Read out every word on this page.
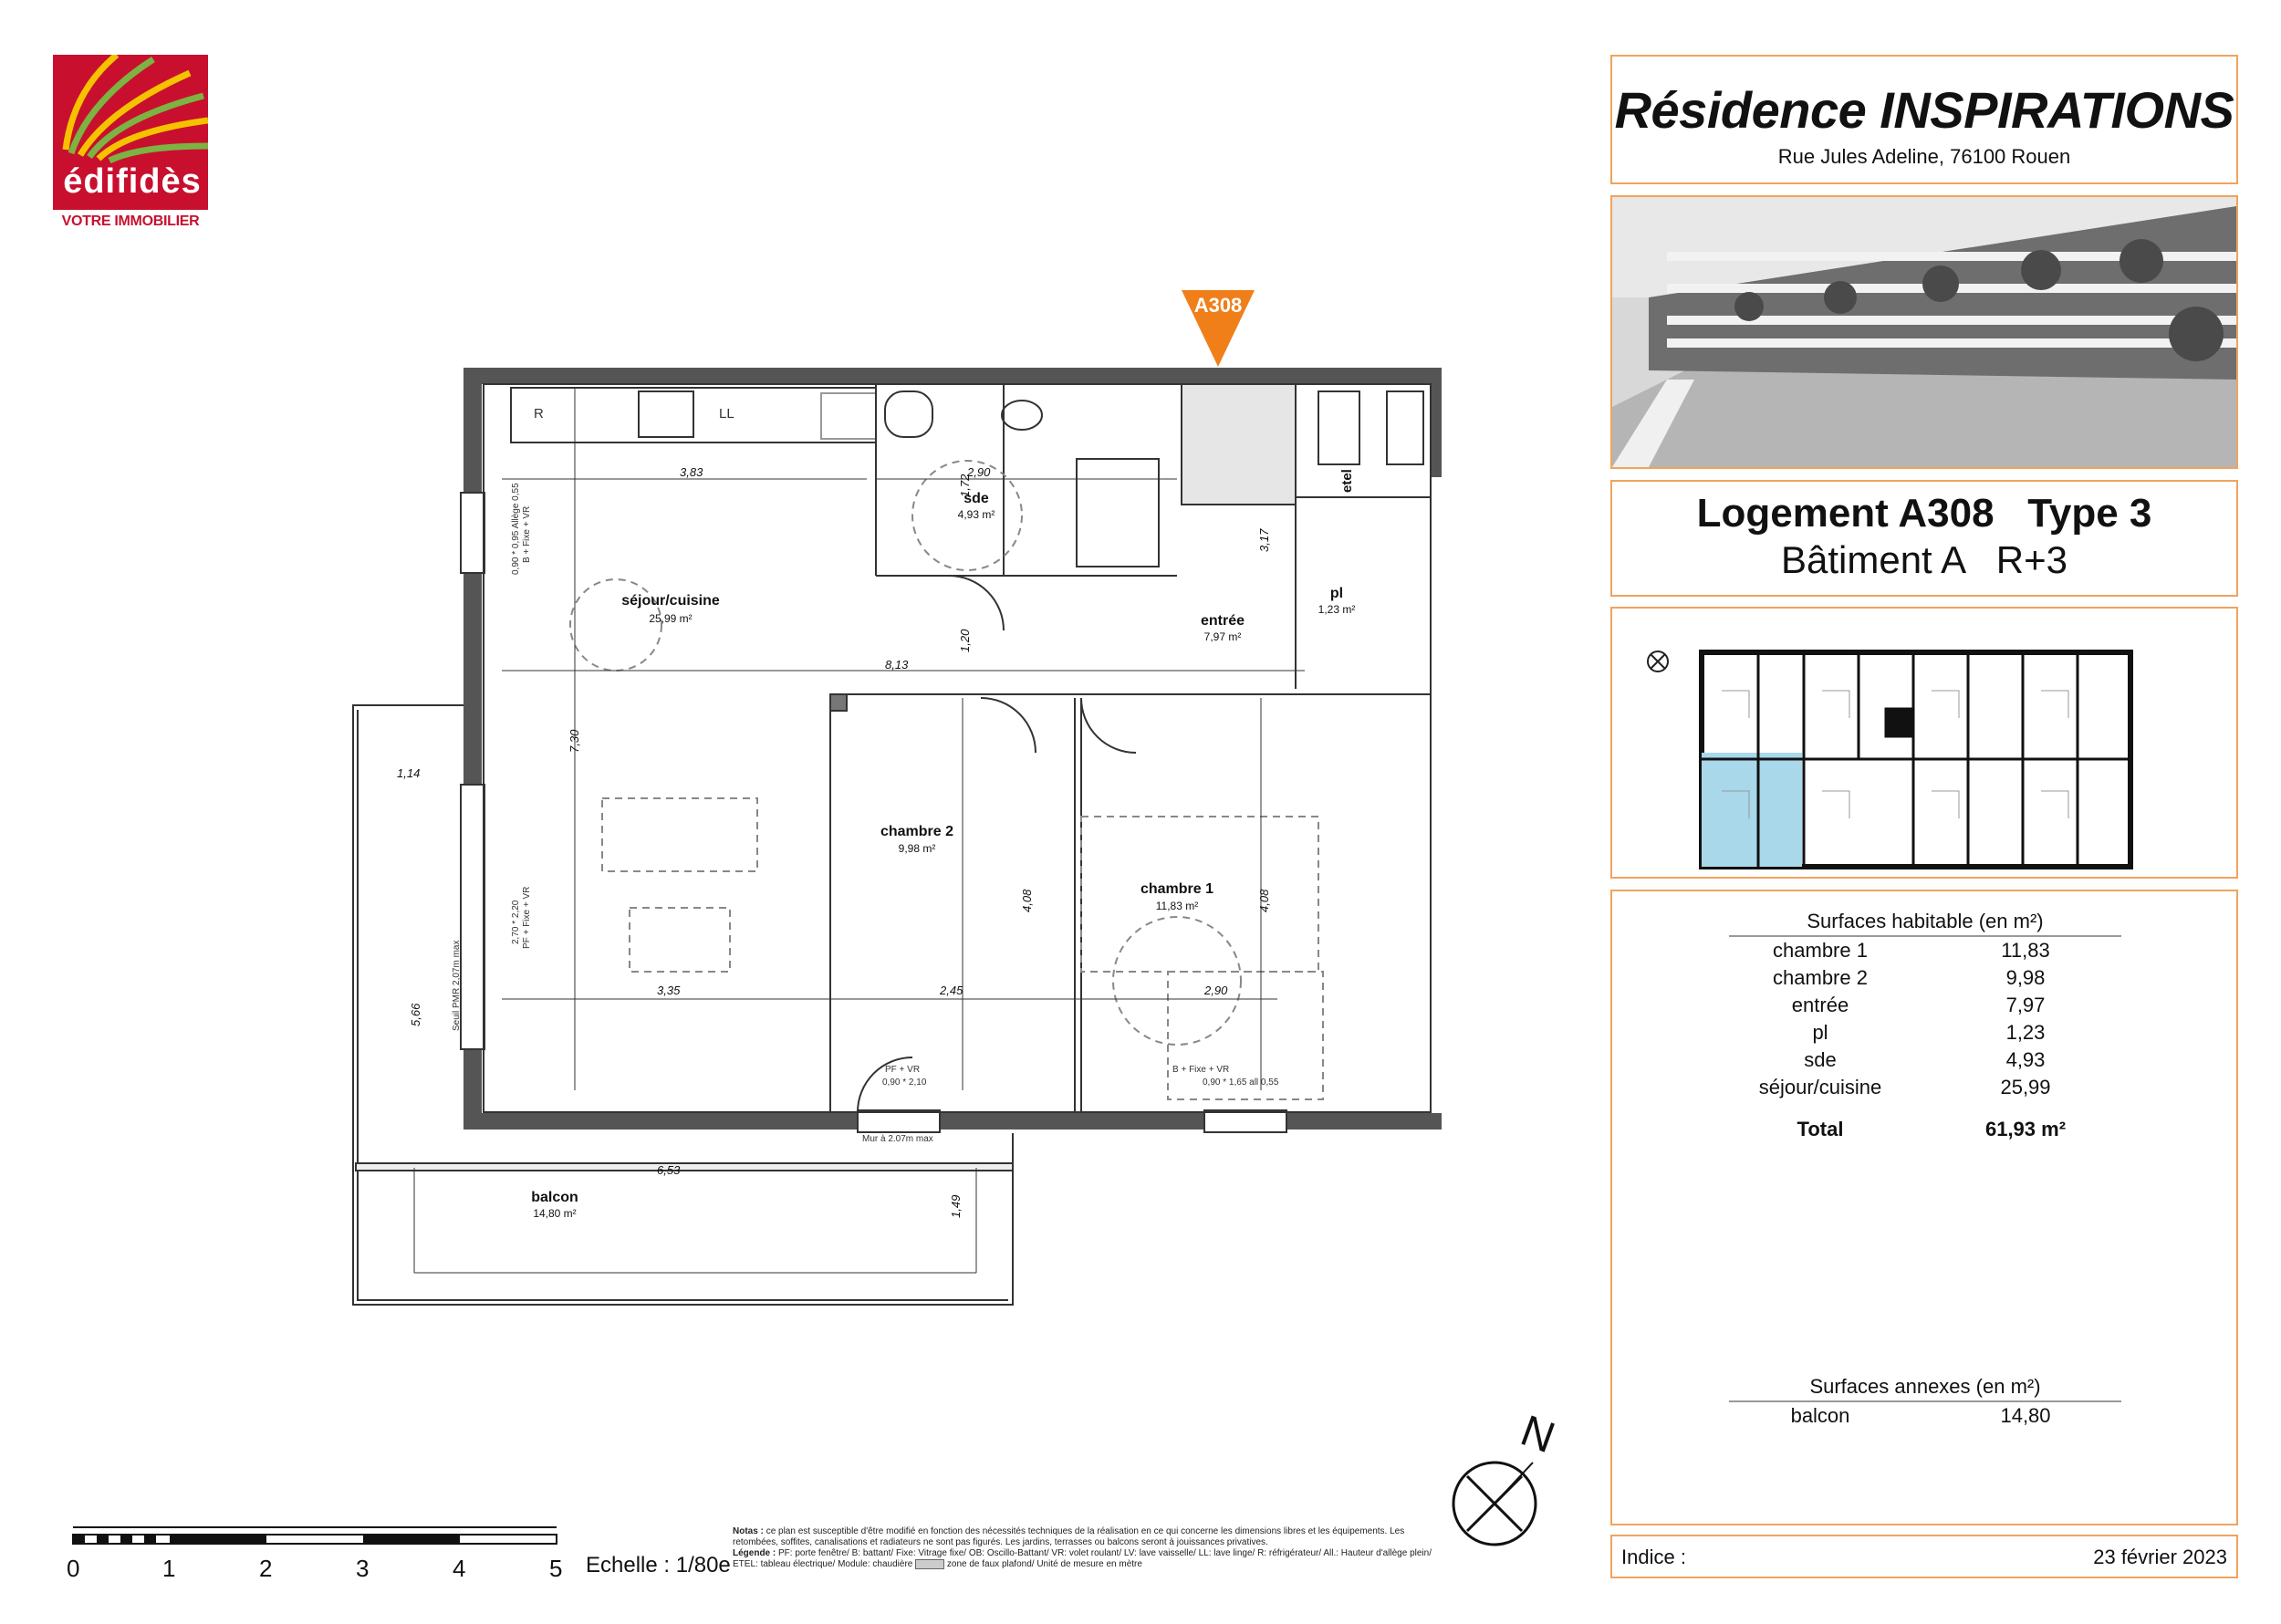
édifidès
VOTRE IMMOBILIER
A308
séjour/cuisine
25,99 m²
sde
4,93 m²
entrée
7,97 m²
pl
1,23 m²
chambre 2
9,98 m²
chambre 1
11,83 m²
balcon
14,80 m²
etel
R	LL
3,83	2,90
1,72
3,17
1,20
8,13
7,30
1,14
5,66
4,08	4,08
3,35	2,45	2,90
6,53
1,49
0,90 * 0,95 Allège 0,55 B + Fixe + VR
2,70 * 2,20 PF + Fixe + VR
PF + VR
0,90 * 2,10
B + Fixe + VR
0,90 * 1,65 all 0,55
Mur à 2.07m max
Seuil PMR 2,07m max
Résidence INSPIRATIONS
Rue Jules Adeline, 76100 Rouen
Logement A308   Type 3
Bâtiment A   R+3
Surfaces habitable (en m²)
chambre 1	11,83
chambre 2	9,98
entrée	7,97
pl	1,23
sde	4,93
séjour/cuisine	25,99
Total	61,93 m²
Surfaces annexes (en m²)
balcon	14,80
Indice :	23 février 2023
0	1	2	3	4	5 Echelle : 1/80e
Notas : ce plan est susceptible d'être modifié en fonction des nécessités techniques de la réalisation en ce qui concerne les dimensions libres et les équipements. Les retombées, soffites, canalisations et radiateurs ne sont pas figurés. Les jardins, terrasses ou balcons seront à jouissances privatives.
Légende : PF: porte fenêtre/ B: battant/ Fixe: Vitrage fixe/ OB: Oscillo-Battant/ VR: volet roulant/ LV: lave vaisselle/ LL: lave linge/ R: réfrigérateur/ All.: Hauteur d'allège plein/ ETEL: tableau électrique/ Module: chaudière	zone de faux plafond/ Unité de mesure en mètre
N
